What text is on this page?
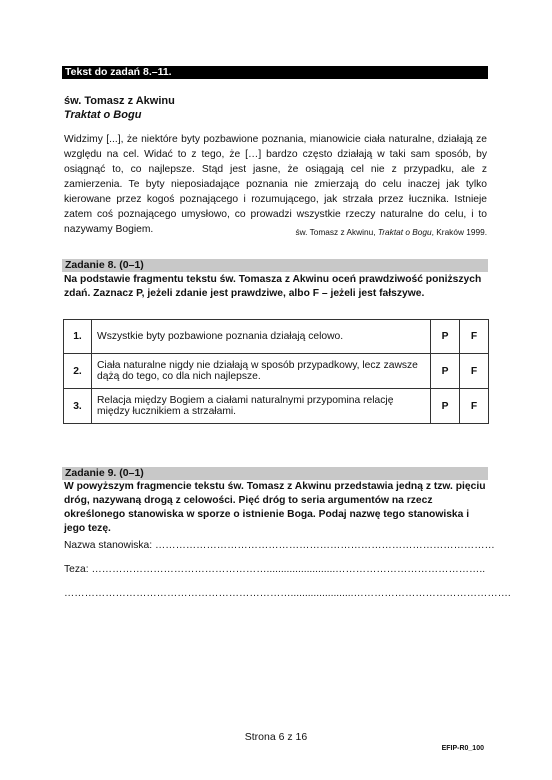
Tekst do zadań 8.–11.
św. Tomasz z Akwinu
Traktat o Bogu

Widzimy [...], że niektóre byty pozbawione poznania, mianowicie ciała naturalne, działają ze względu na cel. Widać to z tego, że […] bardzo często działają w taki sam sposób, by osiągnąć to, co najlepsze. Stąd jest jasne, że osiągają cel nie z przypadku, ale z zamierzenia. Te byty nieposiadające poznania nie zmierzają do celu inaczej jak tylko kierowane przez kogoś poznającego i rozumującego, jak strzała przez łucznika. Istnieje zatem coś poznającego umysłowo, co prowadzi wszystkie rzeczy naturalne do celu, i to nazywamy Bogiem.	św. Tomasz z Akwinu, Traktat o Bogu, Kraków 1999.
Zadanie 8. (0–1)

Na podstawie fragmentu tekstu św. Tomasza z Akwinu oceń prawdziwość poniższych zdań. Zaznacz P, jeżeli zdanie jest prawdziwe, albo F – jeżeli jest fałszywe.

1.	Wszystkie byty pozbawione poznania działają celowo.	P	F
2.	Ciała naturalne nigdy nie działają w sposób przypadkowy, lecz zawsze dążą do tego, co dla nich najlepsze.	P	F
3.	Relacja między Bogiem a ciałami naturalnymi przypomina relację między łucznikiem a strzałami.	P	F
Zadanie 9. (0–1)

W powyższym fragmencie tekstu św. Tomasz z Akwinu przedstawia jedną z tzw. pięciu dróg, nazywaną drogą z celowości. Pięć dróg to seria argumentów na rzecz określonego stanowiska w sporze o istnienie Boga. Podaj nazwę tego stanowiska i jego tezę.

Nazwa stanowiska: ………………………………………………………………………………………
Teza: ……………………………………………........................……………………………………..
…………………………………………………………......................……………………………………….
Strona 6 z 16
EFIP-R0_100
